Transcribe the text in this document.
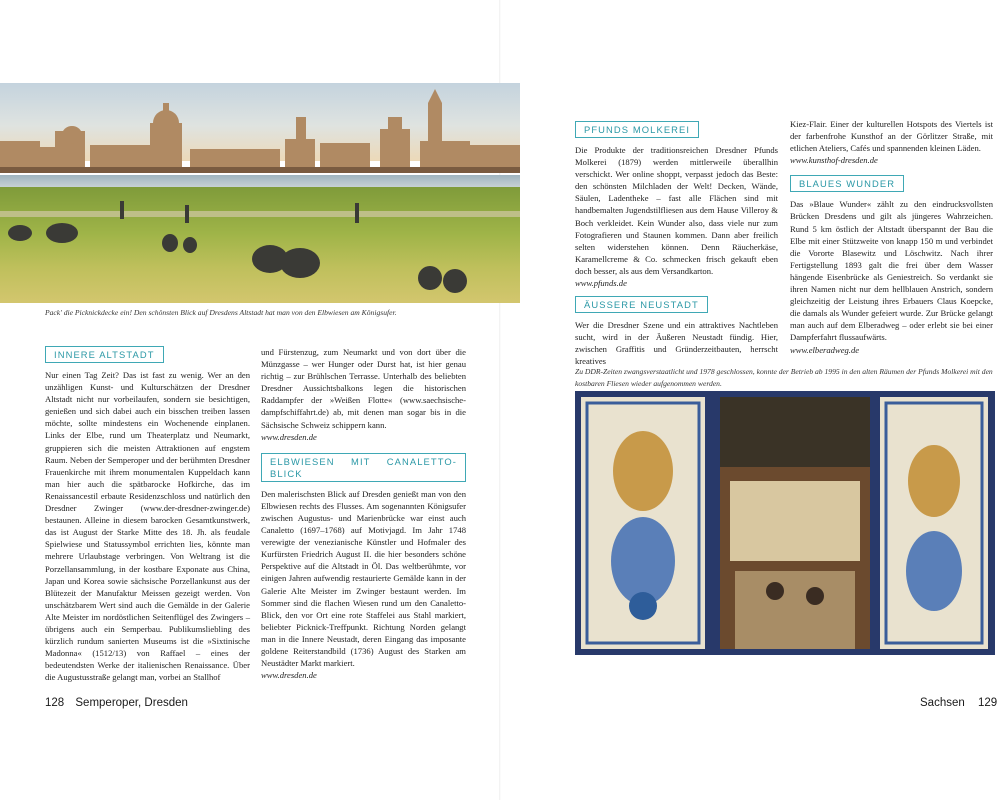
Pack' die Picknickdecke ein! Den schönsten Blick auf Dresdens Altstadt hat man von den Elbwiesen am Königsufer.
INNERE ALTSTADT

Nur einen Tag Zeit? Das ist fast zu wenig. Wer an den unzähligen Kunst- und Kulturschätzen der Dresdner Altstadt nicht nur vorbeilaufen, sondern sie besichtigen, genießen und sich dabei auch ein bisschen treiben lassen möchte, sollte mindestens ein Wochenende einplanen. Links der Elbe, rund um Theaterplatz und Neumarkt, gruppieren sich die meisten Attraktionen auf engstem Raum. Neben der Semperoper und der berühmten Dresdner Frauenkirche mit ihrem monumentalen Kuppeldach kann man hier auch die spätbarocke Hofkirche, das im Renaissancestil erbaute Residenzschloss und natürlich den Dresdner Zwinger (www.der-dresdner-zwinger.de) bestaunen. Alleine in diesem barocken Gesamtkunstwerk, das ist August der Starke Mitte des 18. Jh. als feudale Spielwiese und Statussymbol errichten lies, könnte man mehrere Urlaubstage verbringen. Von Weltrang ist die Porzellansammlung, in der kostbare Exponate aus China, Japan und Korea sowie sächsische Porzellankunst aus der Blütezeit der Manufaktur Meissen gezeigt werden. Von unschätzbarem Wert sind auch die Gemälde in der Galerie Alte Meister im nordöstlichen Seitenflügel des Zwingers – übrigens auch ein Semperbau. Publikumsliebling des kürzlich rundum sanierten Museums ist die »Sixtinische Madonna« (1512/13) von Raffael – eines der bedeutendsten Werke der italienischen Renaissance. Über die Augustusstraße gelangt man, vorbei an Stallhof

und Fürstenzug, zum Neumarkt und von dort über die Münzgasse – wer Hunger oder Durst hat, ist hier genau richtig – zur Brühlschen Terrasse. Unterhalb des beliebten Dresdner Aussichtsbalkons legen die historischen Raddampfer der »Weißen Flotte« (www.saechsische-dampfschiffahrt.de) ab, mit denen man sogar bis in die Sächsische Schweiz schippern kann.

www.dresden.de

ELBWIESEN MIT CANALETTO-BLICK

Den malerischsten Blick auf Dresden genießt man von den Elbwiesen rechts des Flusses. Am sogenannten Königsufer zwischen Augustus- und Marienbrücke war einst auch Canaletto (1697–1768) auf Motivjagd. Im Jahr 1748 verewigte der venezianische Künstler und Hofmaler des Kurfürsten Friedrich August II. die hier besonders schöne Perspektive auf die Altstadt in Öl. Das weltberühmte, vor einigen Jahren aufwendig restaurierte Gemälde kann in der Galerie Alte Meister im Zwinger bestaunt werden. Im Sommer sind die flachen Wiesen rund um den Canaletto-Blick, den vor Ort eine rote Staffelei aus Stahl markiert, beliebter Picknick-Treffpunkt. Richtung Norden gelangt man in die Innere Neustadt, deren Eingang das imposante goldene Reiterstandbild (1736) August des Starken am Neustädter Markt markiert.

www.dresden.de

PFUNDS MOLKEREI

Die Produkte der traditionsreichen Dresdner Pfunds Molkerei (1879) werden mittlerweile überallhin verschickt. Wer online shoppt, verpasst jedoch das Beste: den schönsten Milchladen der Welt! Decken, Wände, Säulen, Ladentheke – fast alle Flächen sind mit handbemalten Jugendstilfliesen aus dem Hause Villeroy & Boch verkleidet. Kein Wunder also, dass viele nur zum Fotografieren und Staunen kommen. Dann aber freilich selten widerstehen können. Denn Räucherkäse, Karamellcreme & Co. schmecken frisch gekauft eben doch besser, als aus dem Versandkarton.

www.pfunds.de

ÄUSSERE NEUSTADT

Wer die Dresdner Szene und ein attraktives Nachtleben sucht, wird in der Äußeren Neustadt fündig. Hier, zwischen Graffitis und Gründerzeitbauten, herrscht kreatives

Kiez-Flair. Einer der kulturellen Hotspots des Viertels ist der farbenfrohe Kunsthof an der Görlitzer Straße, mit etlichen Ateliers, Cafés und spannenden kleinen Läden.

www.kunsthof-dresden.de

BLAUES WUNDER

Das »Blaue Wunder« zählt zu den eindrucksvollsten Brücken Dresdens und gilt als jüngeres Wahrzeichen. Rund 5 km östlich der Altstadt überspannt der Bau die Elbe mit einer Stützweite von knapp 150 m und verbindet die Vororte Blasewitz und Löschwitz. Nach ihrer Fertigstellung 1893 galt die frei über dem Wasser hängende Eisenbrücke als Geniestreich. So verdankt sie ihren Namen nicht nur dem hellblauen Anstrich, sondern gleichzeitig der Leistung ihres Erbauers Claus Koepcke, die damals als Wunder gefeiert wurde. Zur Brücke gelangt man auch auf dem Elberadweg – oder erlebt sie bei einer Dampferfahrt flussaufwärts.

www.elberadweg.de

Zu DDR-Zeiten zwangsverstaatlicht und 1978 geschlossen, konnte der Betrieb ab 1995 in den alten Räumen der Pfunds Molkerei mit den kostbaren Fliesen wieder aufgenommen werden.
128 Semperoper, Dresden	Sachsen 129
